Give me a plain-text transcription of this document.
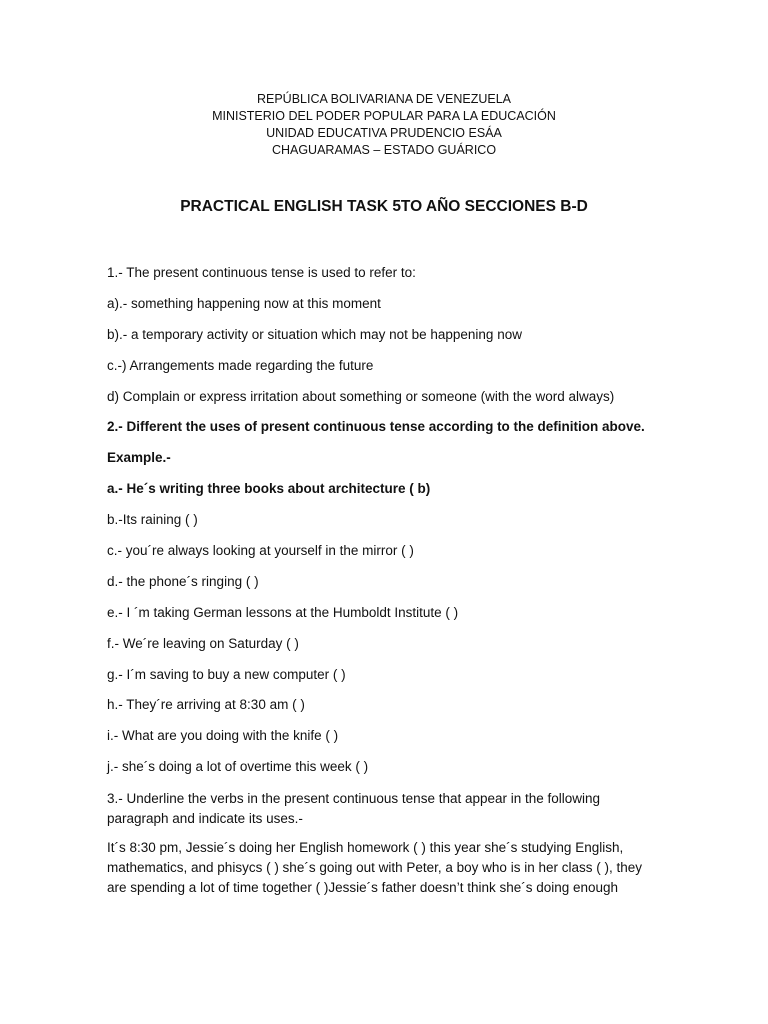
REPÚBLICA BOLIVARIANA DE VENEZUELA
MINISTERIO DEL PODER POPULAR PARA LA EDUCACIÓN
UNIDAD EDUCATIVA PRUDENCIO ESÁA
CHAGUARAMAS – ESTADO GUÁRICO
PRACTICAL ENGLISH TASK 5TO AÑO SECCIONES B-D
1.- The present continuous tense is used to refer to:
a).- something happening now at this moment
b).- a temporary activity or situation which may not be happening now
c.-) Arrangements made regarding the future
d) Complain or express irritation about something or someone (with the word always)
2.- Different the uses of present continuous tense according to the definition above.
Example.-
a.- He´s writing three books about architecture ( b)
b.-Its raining ( )
c.- you´re always looking at yourself in the mirror ( )
d.- the phone´s ringing ( )
e.- I ´m taking German lessons at the Humboldt Institute ( )
f.- We´re leaving on Saturday ( )
g.- I´m saving to buy a new computer ( )
h.- They´re arriving at 8:30 am ( )
i.- What are you doing with the knife ( )
j.- she´s doing a lot of overtime this week ( )
3.- Underline the verbs in the present continuous tense that appear in the following
paragraph and indicate its uses.-
It´s 8:30 pm, Jessie´s doing her English homework ( ) this year she´s studying English,
mathematics, and phisycs ( ) she´s going out with Peter, a boy who is in her class ( ), they
are spending a lot of time together ( )Jessie´s father doesn’t think she´s doing enough
